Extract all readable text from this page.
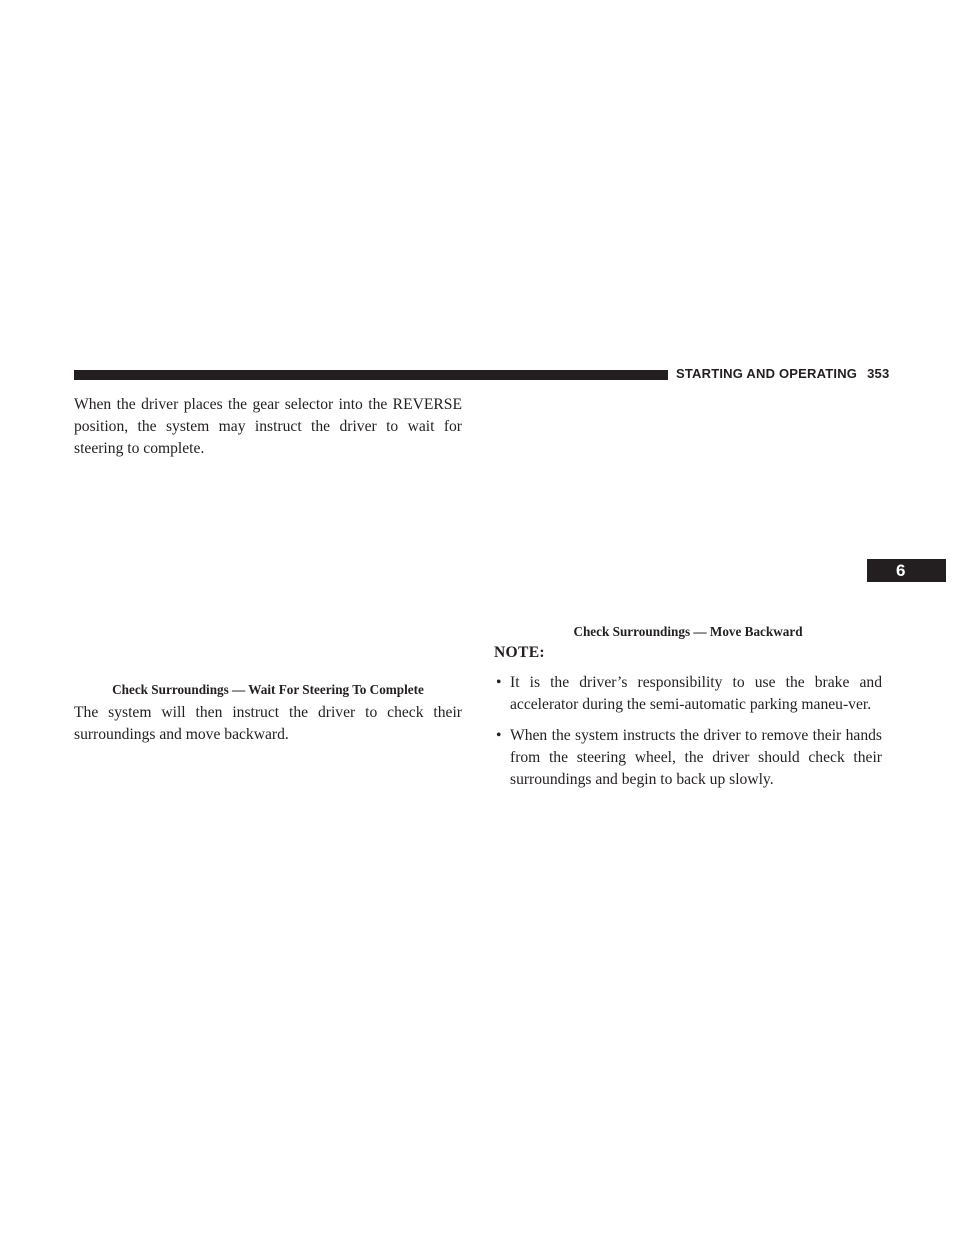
STARTING AND OPERATING 353
6

When the driver places the gear selector into the REVERSE position, the system may instruct the driver to wait for steering to complete.

Check Surroundings — Wait For Steering To Complete

The system will then instruct the driver to check their surroundings and move backward.

Check Surroundings — Move Backward
NOTE:
• It is the driver’s responsibility to use the brake and accelerator during the semi-automatic parking maneu-ver.
• When the system instructs the driver to remove their hands from the steering wheel, the driver should check their surroundings and begin to back up slowly.
